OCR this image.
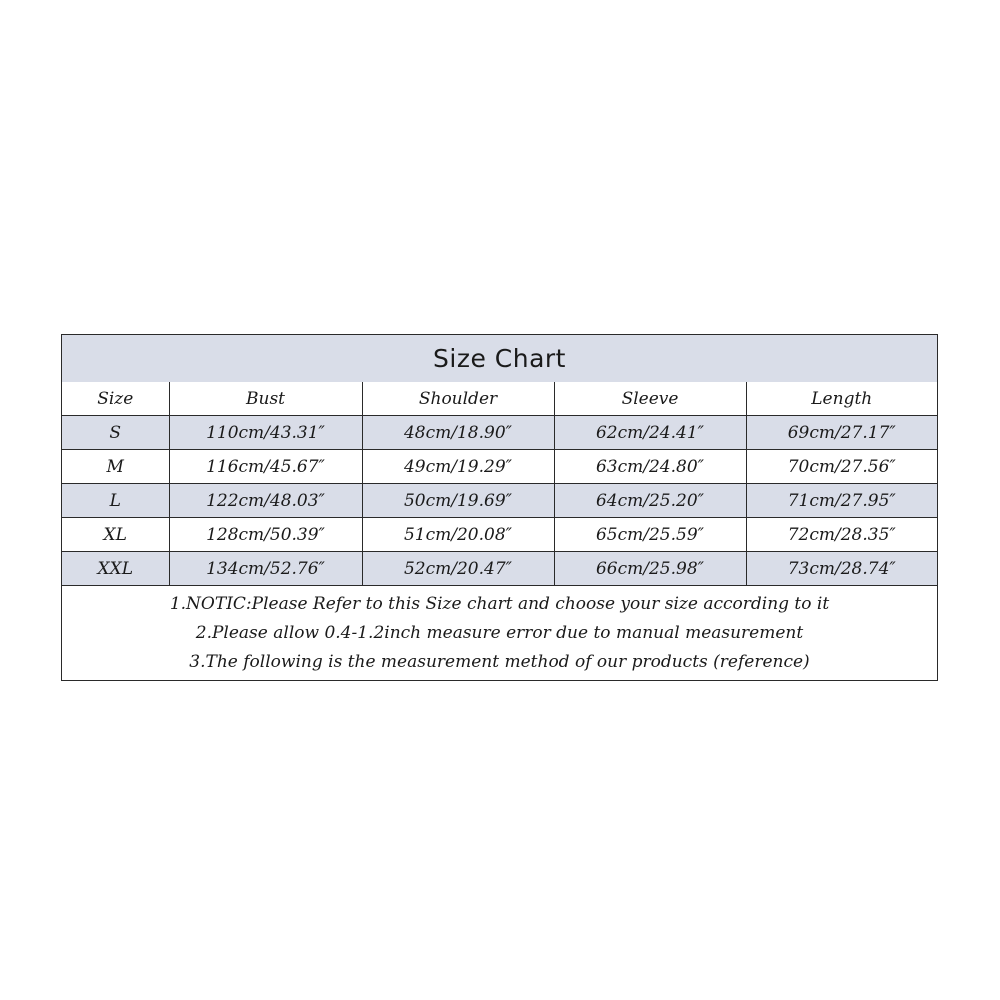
Size Chart
Size	Bust	Shoulder	Sleeve	Length
S	110cm/43.31″	48cm/18.90″	62cm/24.41″	69cm/27.17″
M	116cm/45.67″	49cm/19.29″	63cm/24.80″	70cm/27.56″
L	122cm/48.03″	50cm/19.69″	64cm/25.20″	71cm/27.95″
XL	128cm/50.39″	51cm/20.08″	65cm/25.59″	72cm/28.35″
XXL	134cm/52.76″	52cm/20.47″	66cm/25.98″	73cm/28.74″
1.NOTIC:Please Refer to this Size chart and choose your size according to it
2.Please allow 0.4-1.2inch measure error due to manual measurement
3.The following is the measurement method of our products (reference)
